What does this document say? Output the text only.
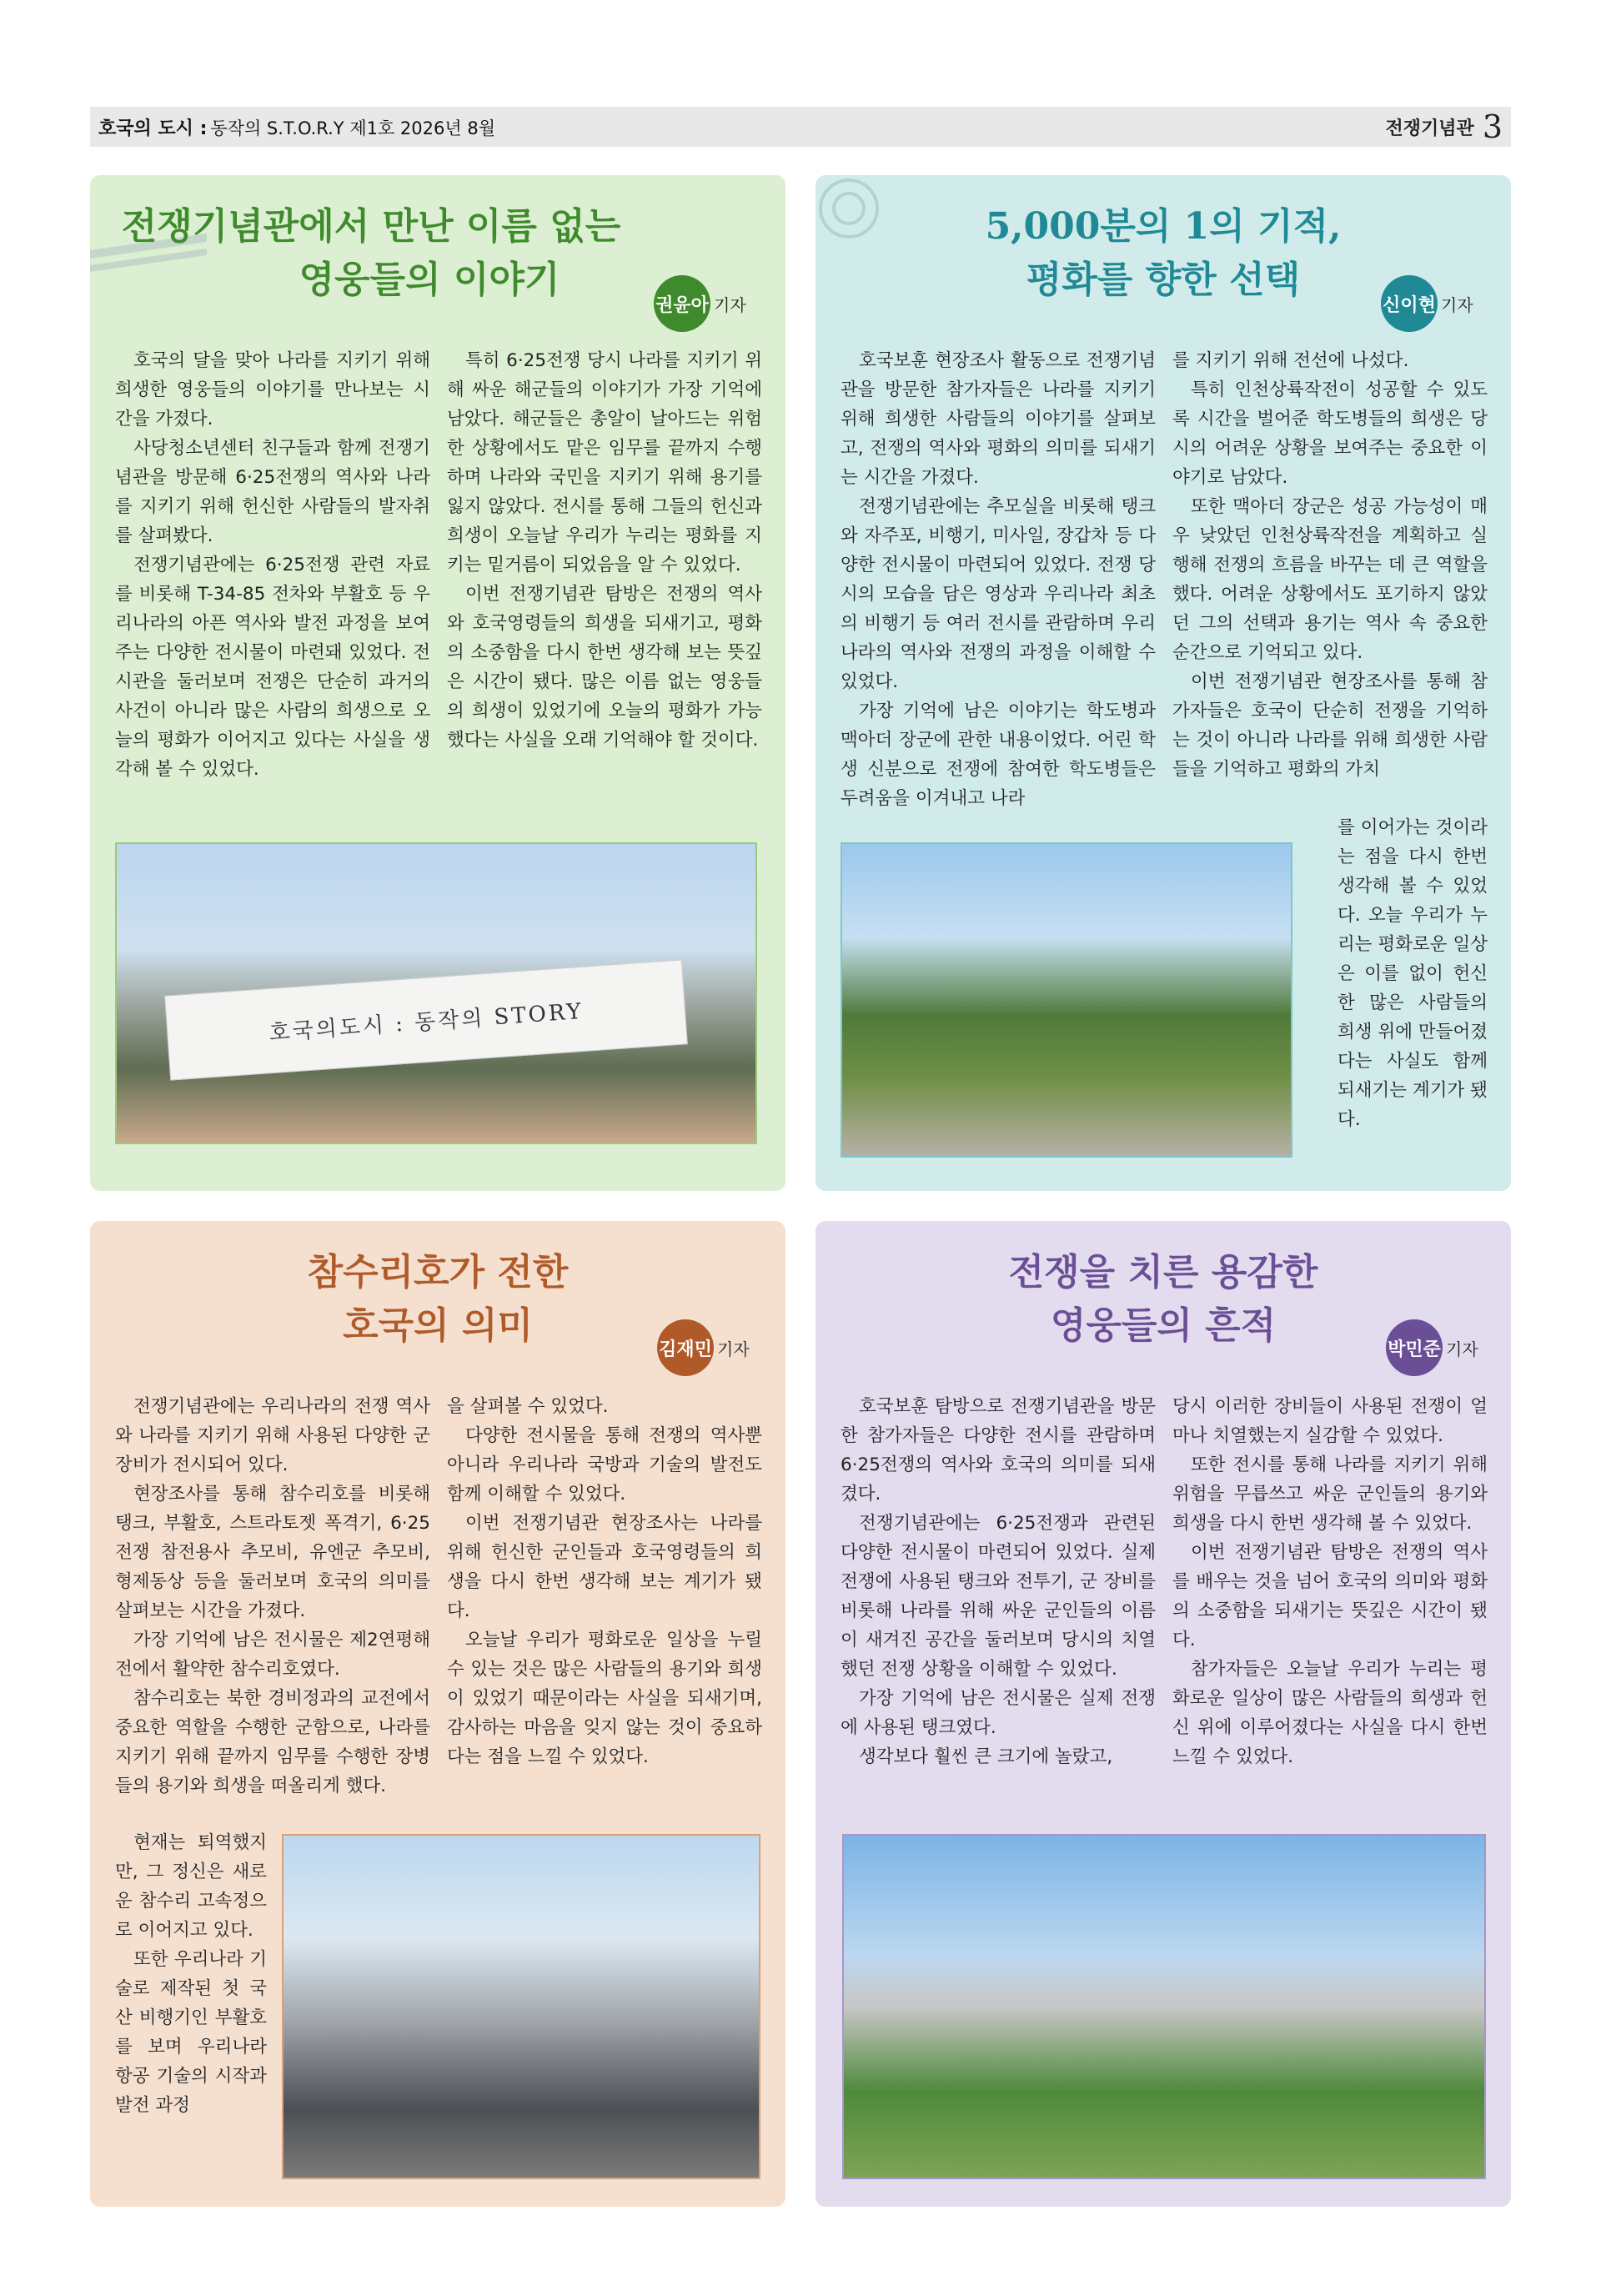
호국의 도시 : 동작의 S.T.O.R.Y 제1호 2026년 8월	전쟁기념관 3
전쟁기념관에서 만난 이름 없는
영웅들의 이야기
권윤아 기자

호국의 달을 맞아 나라를 지키기 위해 희생한 영웅들의 이야기를 만나보는 시간을 가졌다.

사당청소년센터 친구들과 함께 전쟁기념관을 방문해 6·25전쟁의 역사와 나라를 지키기 위해 헌신한 사람들의 발자취를 살펴봤다.

전쟁기념관에는 6·25전쟁 관련 자료를 비롯해 T-34-85 전차와 부활호 등 우리나라의 아픈 역사와 발전 과정을 보여주는 다양한 전시물이 마련돼 있었다. 전시관을 둘러보며 전쟁은 단순히 과거의 사건이 아니라 많은 사람의 희생으로 오늘의 평화가 이어지고 있다는 사실을 생각해 볼 수 있었다.

특히 6·25전쟁 당시 나라를 지키기 위해 싸운 해군들의 이야기가 가장 기억에 남았다. 해군들은 총알이 날아드는 위험한 상황에서도 맡은 임무를 끝까지 수행하며 나라와 국민을 지키기 위해 용기를 잃지 않았다. 전시를 통해 그들의 헌신과 희생이 오늘날 우리가 누리는 평화를 지키는 밑거름이 되었음을 알 수 있었다.

이번 전쟁기념관 탐방은 전쟁의 역사와 호국영령들의 희생을 되새기고, 평화의 소중함을 다시 한번 생각해 보는 뜻깊은 시간이 됐다. 많은 이름 없는 영웅들의 희생이 있었기에 오늘의 평화가 가능했다는 사실을 오래 기억해야 할 것이다.

호국의도시 : 동작의 STORY
5,000분의 1의 기적,
평화를 향한 선택
신이현 기자

호국보훈 현장조사 활동으로 전쟁기념관을 방문한 참가자들은 나라를 지키기 위해 희생한 사람들의 이야기를 살펴보고, 전쟁의 역사와 평화의 의미를 되새기는 시간을 가졌다.

전쟁기념관에는 추모실을 비롯해 탱크와 자주포, 비행기, 미사일, 장갑차 등 다양한 전시물이 마련되어 있었다. 전쟁 당시의 모습을 담은 영상과 우리나라 최초의 비행기 등 여러 전시를 관람하며 우리나라의 역사와 전쟁의 과정을 이해할 수 있었다.

가장 기억에 남은 이야기는 학도병과 맥아더 장군에 관한 내용이었다. 어린 학생 신분으로 전쟁에 참여한 학도병들은 두려움을 이겨내고 나라

를 지키기 위해 전선에 나섰다.

특히 인천상륙작전이 성공할 수 있도록 시간을 벌어준 학도병들의 희생은 당시의 어려운 상황을 보여주는 중요한 이야기로 남았다.

또한 맥아더 장군은 성공 가능성이 매우 낮았던 인천상륙작전을 계획하고 실행해 전쟁의 흐름을 바꾸는 데 큰 역할을 했다. 어려운 상황에서도 포기하지 않았던 그의 선택과 용기는 역사 속 중요한 순간으로 기억되고 있다.

이번 전쟁기념관 현장조사를 통해 참가자들은 호국이 단순히 전쟁을 기억하는 것이 아니라 나라를 위해 희생한 사람들을 기억하고 평화의 가치

를 이어가는 것이라는 점을 다시 한번 생각해 볼 수 있었다. 오늘 우리가 누리는 평화로운 일상은 이를 없이 헌신한 많은 사람들의 희생 위에 만들어졌다는 사실도 함께 되새기는 계기가 됐다.

참수리호가 전한
호국의 의미
김재민 기자

전쟁기념관에는 우리나라의 전쟁 역사와 나라를 지키기 위해 사용된 다양한 군 장비가 전시되어 있다.

현장조사를 통해 참수리호를 비롯해 탱크, 부활호, 스트라토젯 폭격기, 6·25전쟁 참전용사 추모비, 유엔군 추모비, 형제동상 등을 둘러보며 호국의 의미를 살펴보는 시간을 가졌다.

가장 기억에 남은 전시물은 제2연평해전에서 활약한 참수리호였다.

참수리호는 북한 경비정과의 교전에서 중요한 역할을 수행한 군함으로, 나라를 지키기 위해 끝까지 임무를 수행한 장병들의 용기와 희생을 떠올리게 했다.

현재는 퇴역했지만, 그 정신은 새로운 참수리 고속정으로 이어지고 있다.

또한 우리나라 기술로 제작된 첫 국산 비행기인 부활호를 보며 우리나라 항공 기술의 시작과 발전 과정

을 살펴볼 수 있었다.

다양한 전시물을 통해 전쟁의 역사뿐 아니라 우리나라 국방과 기술의 발전도 함께 이해할 수 있었다.

이번 전쟁기념관 현장조사는 나라를 위해 헌신한 군인들과 호국영령들의 희생을 다시 한번 생각해 보는 계기가 됐다.

오늘날 우리가 평화로운 일상을 누릴 수 있는 것은 많은 사람들의 용기와 희생이 있었기 때문이라는 사실을 되새기며, 감사하는 마음을 잊지 않는 것이 중요하다는 점을 느낄 수 있었다.

전쟁을 치른 용감한
영웅들의 흔적
박민준 기자

호국보훈 탐방으로 전쟁기념관을 방문한 참가자들은 다양한 전시를 관람하며 6·25전쟁의 역사와 호국의 의미를 되새겼다.

전쟁기념관에는 6·25전쟁과 관련된 다양한 전시물이 마련되어 있었다. 실제 전쟁에 사용된 탱크와 전투기, 군 장비를 비롯해 나라를 위해 싸운 군인들의 이름이 새겨진 공간을 둘러보며 당시의 치열했던 전쟁 상황을 이해할 수 있었다.

가장 기억에 남은 전시물은 실제 전쟁에 사용된 탱크였다.

생각보다 훨씬 큰 크기에 놀랐고,

당시 이러한 장비들이 사용된 전쟁이 얼마나 치열했는지 실감할 수 있었다.

또한 전시를 통해 나라를 지키기 위해 위험을 무릅쓰고 싸운 군인들의 용기와 희생을 다시 한번 생각해 볼 수 있었다.

이번 전쟁기념관 탐방은 전쟁의 역사를 배우는 것을 넘어 호국의 의미와 평화의 소중함을 되새기는 뜻깊은 시간이 됐다.

참가자들은 오늘날 우리가 누리는 평화로운 일상이 많은 사람들의 희생과 헌신 위에 이루어졌다는 사실을 다시 한번 느낄 수 있었다.
